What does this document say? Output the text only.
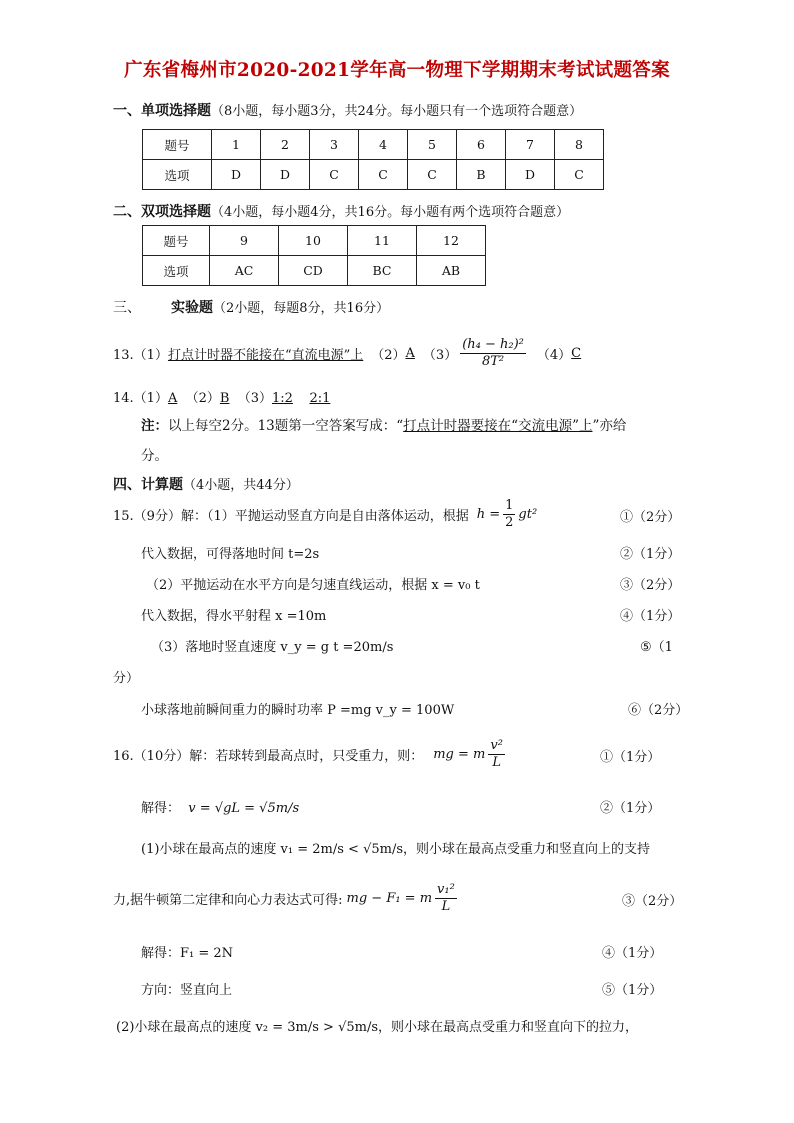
广东省梅州市2020-2021学年高一物理下学期期末考试试题答案
一、单项选择题（8小题，每小题3分，共24分。每小题只有一个选项符合题意）
题号	1	2	3	4	5	6	7	8
选项	D	D	C	C	C	B	D	C
二、双项选择题（4小题，每小题4分，共16分。每小题有两个选项符合题意）
题号	9	10	11	12
选项	AC	CD	BC	AB
三、 实验题（2小题，每题8分，共16分）
13.（1） 打点计时器不能接在“直流电源”上 （2） A $(3) \frac{\text{(h₄ − h₂)²}}{\text{8T²}} (4)$ C
14.（1）A （2）B （3）1:2 2:1
注：以上每空2分。13题第一空答案写成：“打点计时器要接在“交流电源”上”亦给
分。
四、计算题（4小题，共44分）
15.（9分）解：（1）平抛运动竖直方向是自由落体运动，根据 $h = \frac{1}{2} gt^2$	①（2分）
代入数据，可得落地时间 t=2s	②（1分）
（2）平抛运动在水平方向是匀速直线运动，根据 x = v₀ t	③（2分）
代入数据，得水平射程 x =10m	④（1分）
（3）落地时竖直速度 v_y = g t =20m/s	⑤（1
分）
小球落地前瞬间重力的瞬时功率 P =mg v_y = 100W	⑥（2分）
16.（10分）解：若球转到最高点时，只受重力，则： mg = m $\frac{\text{v²}}{L}$	①（1分）
解得： v = √gL = √5m/s	②（1分）
(1)小球在最高点的速度 v₁ = 2m/s < √5m/s，则小球在最高点受重力和竖直向上的支持
力,据牛顿第二定律和向心力表达式可得: mg − F₁ = m $\frac{\text{v₁²}}{L}$	③（2分）
解得：F₁ = 2N	④（1分）
方向：竖直向上	⑤（1分）
(2)小球在最高点的速度 v₂ = 3m/s > √5m/s，则小球在最高点受重力和竖直向下的拉力，
